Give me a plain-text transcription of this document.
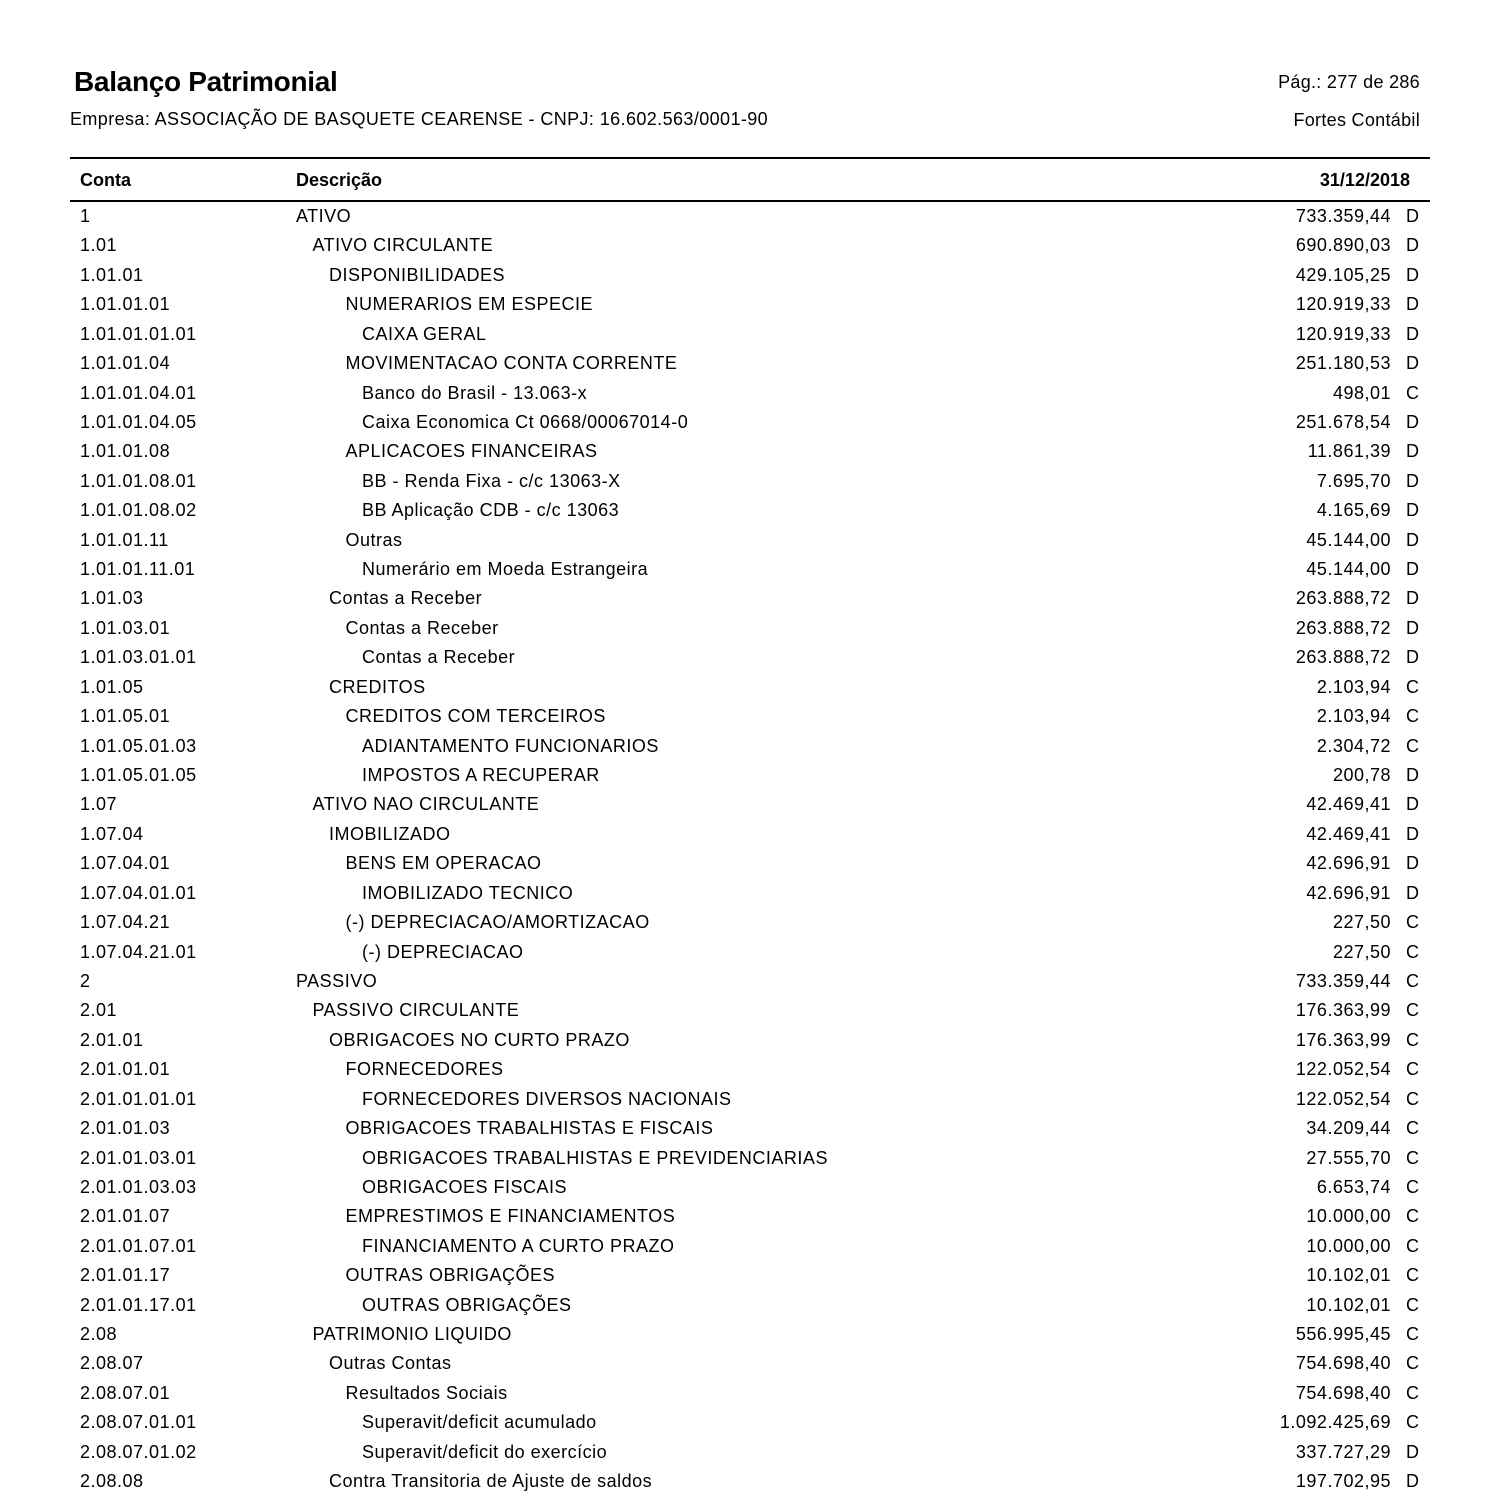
Balanço Patrimonial
Empresa: ASSOCIAÇÃO DE BASQUETE CEARENSE - CNPJ: 16.602.563/0001-90
Pág.: 277 de 286
Fortes Contábil
Conta	Descrição	31/12/2018
1	ATIVO	733.359,44 D
1.01	ATIVO CIRCULANTE	690.890,03 D
1.01.01	DISPONIBILIDADES	429.105,25 D
1.01.01.01	NUMERARIOS EM ESPECIE	120.919,33 D
1.01.01.01.01	CAIXA GERAL	120.919,33 D
1.01.01.04	MOVIMENTACAO CONTA CORRENTE	251.180,53 D
1.01.01.04.01	Banco do Brasil - 13.063-x	498,01 C
1.01.01.04.05	Caixa Economica Ct 0668/00067014-0	251.678,54 D
1.01.01.08	APLICACOES FINANCEIRAS	11.861,39 D
1.01.01.08.01	BB - Renda Fixa - c/c 13063-X	7.695,70 D
1.01.01.08.02	BB Aplicação CDB - c/c 13063	4.165,69 D
1.01.01.11	Outras	45.144,00 D
1.01.01.11.01	Numerário em Moeda Estrangeira	45.144,00 D
1.01.03	Contas a Receber	263.888,72 D
1.01.03.01	Contas a Receber	263.888,72 D
1.01.03.01.01	Contas a Receber	263.888,72 D
1.01.05	CREDITOS	2.103,94 C
1.01.05.01	CREDITOS COM TERCEIROS	2.103,94 C
1.01.05.01.03	ADIANTAMENTO FUNCIONARIOS	2.304,72 C
1.01.05.01.05	IMPOSTOS A RECUPERAR	200,78 D
1.07	ATIVO NAO CIRCULANTE	42.469,41 D
1.07.04	IMOBILIZADO	42.469,41 D
1.07.04.01	BENS EM OPERACAO	42.696,91 D
1.07.04.01.01	IMOBILIZADO TECNICO	42.696,91 D
1.07.04.21	(-) DEPRECIACAO/AMORTIZACAO	227,50 C
1.07.04.21.01	(-) DEPRECIACAO	227,50 C
2	PASSIVO	733.359,44 C
2.01	PASSIVO CIRCULANTE	176.363,99 C
2.01.01	OBRIGACOES NO CURTO PRAZO	176.363,99 C
2.01.01.01	FORNECEDORES	122.052,54 C
2.01.01.01.01	FORNECEDORES DIVERSOS NACIONAIS	122.052,54 C
2.01.01.03	OBRIGACOES TRABALHISTAS E FISCAIS	34.209,44 C
2.01.01.03.01	OBRIGACOES TRABALHISTAS E PREVIDENCIARIAS	27.555,70 C
2.01.01.03.03	OBRIGACOES FISCAIS	6.653,74 C
2.01.01.07	EMPRESTIMOS E FINANCIAMENTOS	10.000,00 C
2.01.01.07.01	FINANCIAMENTO A CURTO PRAZO	10.000,00 C
2.01.01.17	OUTRAS OBRIGAÇÕES	10.102,01 C
2.01.01.17.01	OUTRAS OBRIGAÇÕES	10.102,01 C
2.08	PATRIMONIO LIQUIDO	556.995,45 C
2.08.07	Outras Contas	754.698,40 C
2.08.07.01	Resultados Sociais	754.698,40 C
2.08.07.01.01	Superavit/deficit acumulado	1.092.425,69 C
2.08.07.01.02	Superavit/deficit do exercício	337.727,29 D
2.08.08	Contra Transitoria de Ajuste de saldos	197.702,95 D
